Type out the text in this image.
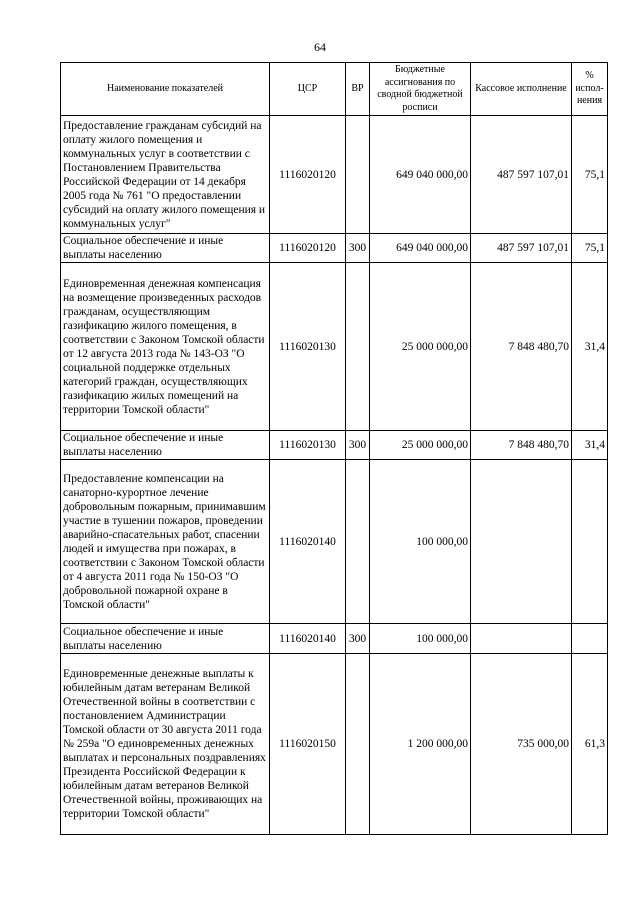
64
Наименование показателей	ЦСР	ВР	Бюджетные ассигнования по сводной бюджетной росписи	Кассовое исполнение	% испол-нения
Предоставление гражданам субсидий на оплату жилого помещения и коммунальных услуг в соответствии с Постановлением Правительства Российской Федерации от 14 декабря 2005 года № 761 "О предоставлении субсидий на оплату жилого помещения и коммунальных услуг"	1116020120		649 040 000,00	487 597 107,01	75,1
Социальное обеспечение и иные выплаты населению	1116020120	300	649 040 000,00	487 597 107,01	75,1
Единовременная денежная компенсация на возмещение произведенных расходов гражданам, осуществляющим газификацию жилого помещения, в соответствии с Законом Томской области от 12 августа 2013 года № 143-ОЗ "О социальной поддержке отдельных категорий граждан, осуществляющих газификацию жилых помещений на территории Томской области"	1116020130		25 000 000,00	7 848 480,70	31,4
Социальное обеспечение и иные выплаты населению	1116020130	300	25 000 000,00	7 848 480,70	31,4
Предоставление компенсации на санаторно-курортное лечение добровольным пожарным, принимавшим участие в тушении пожаров, проведении аварийно-спасательных работ, спасении людей и имущества при пожарах, в соответствии с Законом Томской области от 4 августа 2011 года № 150-ОЗ "О добровольной пожарной охране в Томской области"	1116020140		100 000,00		
Социальное обеспечение и иные выплаты населению	1116020140	300	100 000,00		
Единовременные денежные выплаты к юбилейным датам ветеранам Великой Отечественной войны в соответствии с постановлением Администрации Томской области от 30 августа 2011 года № 259а "О единовременных денежных выплатах и персональных поздравлениях Президента Российской Федерации к юбилейным датам ветеранов Великой Отечественной войны, проживающих на территории Томской области"	1116020150		1 200 000,00	735 000,00	61,3
